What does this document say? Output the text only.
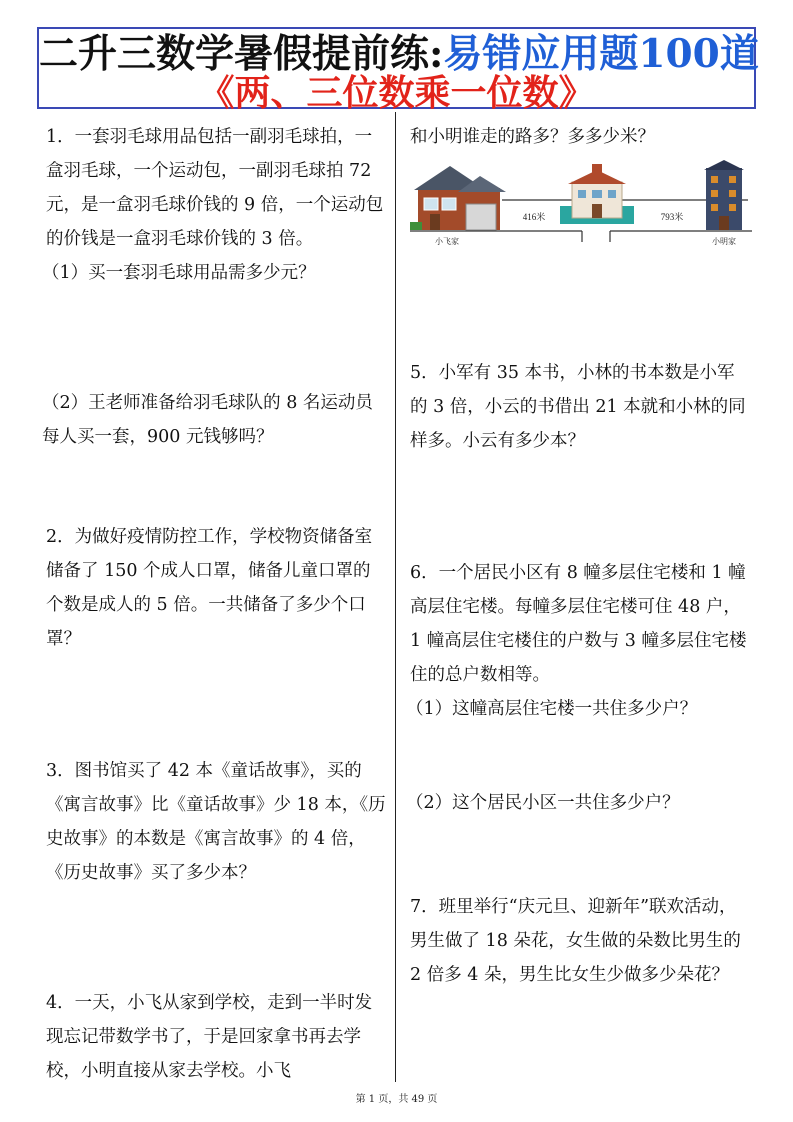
二升三数学暑假提前练:易错应用题100道
《两、三位数乘一位数》

1．一套羽毛球用品包括一副羽毛球拍，一盒羽毛球，一个运动包，一副羽毛球拍 72 元，是一盒羽毛球价钱的 9 倍，一个运动包的价钱是一盒羽毛球价钱的 3 倍。

（1）买一套羽毛球用品需多少元？

（2）王老师准备给羽毛球队的 8 名运动员每人买一套，900 元钱够吗？

2．为做好疫情防控工作，学校物资储备室储备了 150 个成人口罩，储备儿童口罩的个数是成人的 5 倍。一共储备了多少个口罩？

3．图书馆买了 42 本《童话故事》，买的《寓言故事》比《童话故事》少 18 本，《历史故事》的本数是《寓言故事》的 4 倍，《历史故事》买了多少本？

4．一天，小飞从家到学校，走到一半时发现忘记带数学书了，于是回家拿书再去学校，小明直接从家去学校。小飞

和小明谁走的路多？多多少米？

小飞家
416米	793米
小明家

5．小军有 35 本书，小林的书本数是小军的 3 倍，小云的书借出 21 本就和小林的同样多。小云有多少本？

6．一个居民小区有 8 幢多层住宅楼和 1 幢高层住宅楼。每幢多层住宅楼可住 48 户，1 幢高层住宅楼住的户数与 3 幢多层住宅楼住的总户数相等。

（1）这幢高层住宅楼一共住多少户？

（2）这个居民小区一共住多少户？

7．班里举行“庆元旦、迎新年”联欢活动，男生做了 18 朵花，女生做的朵数比男生的 2 倍多 4 朵，男生比女生少做多少朵花？

第 1 页，共 49 页
